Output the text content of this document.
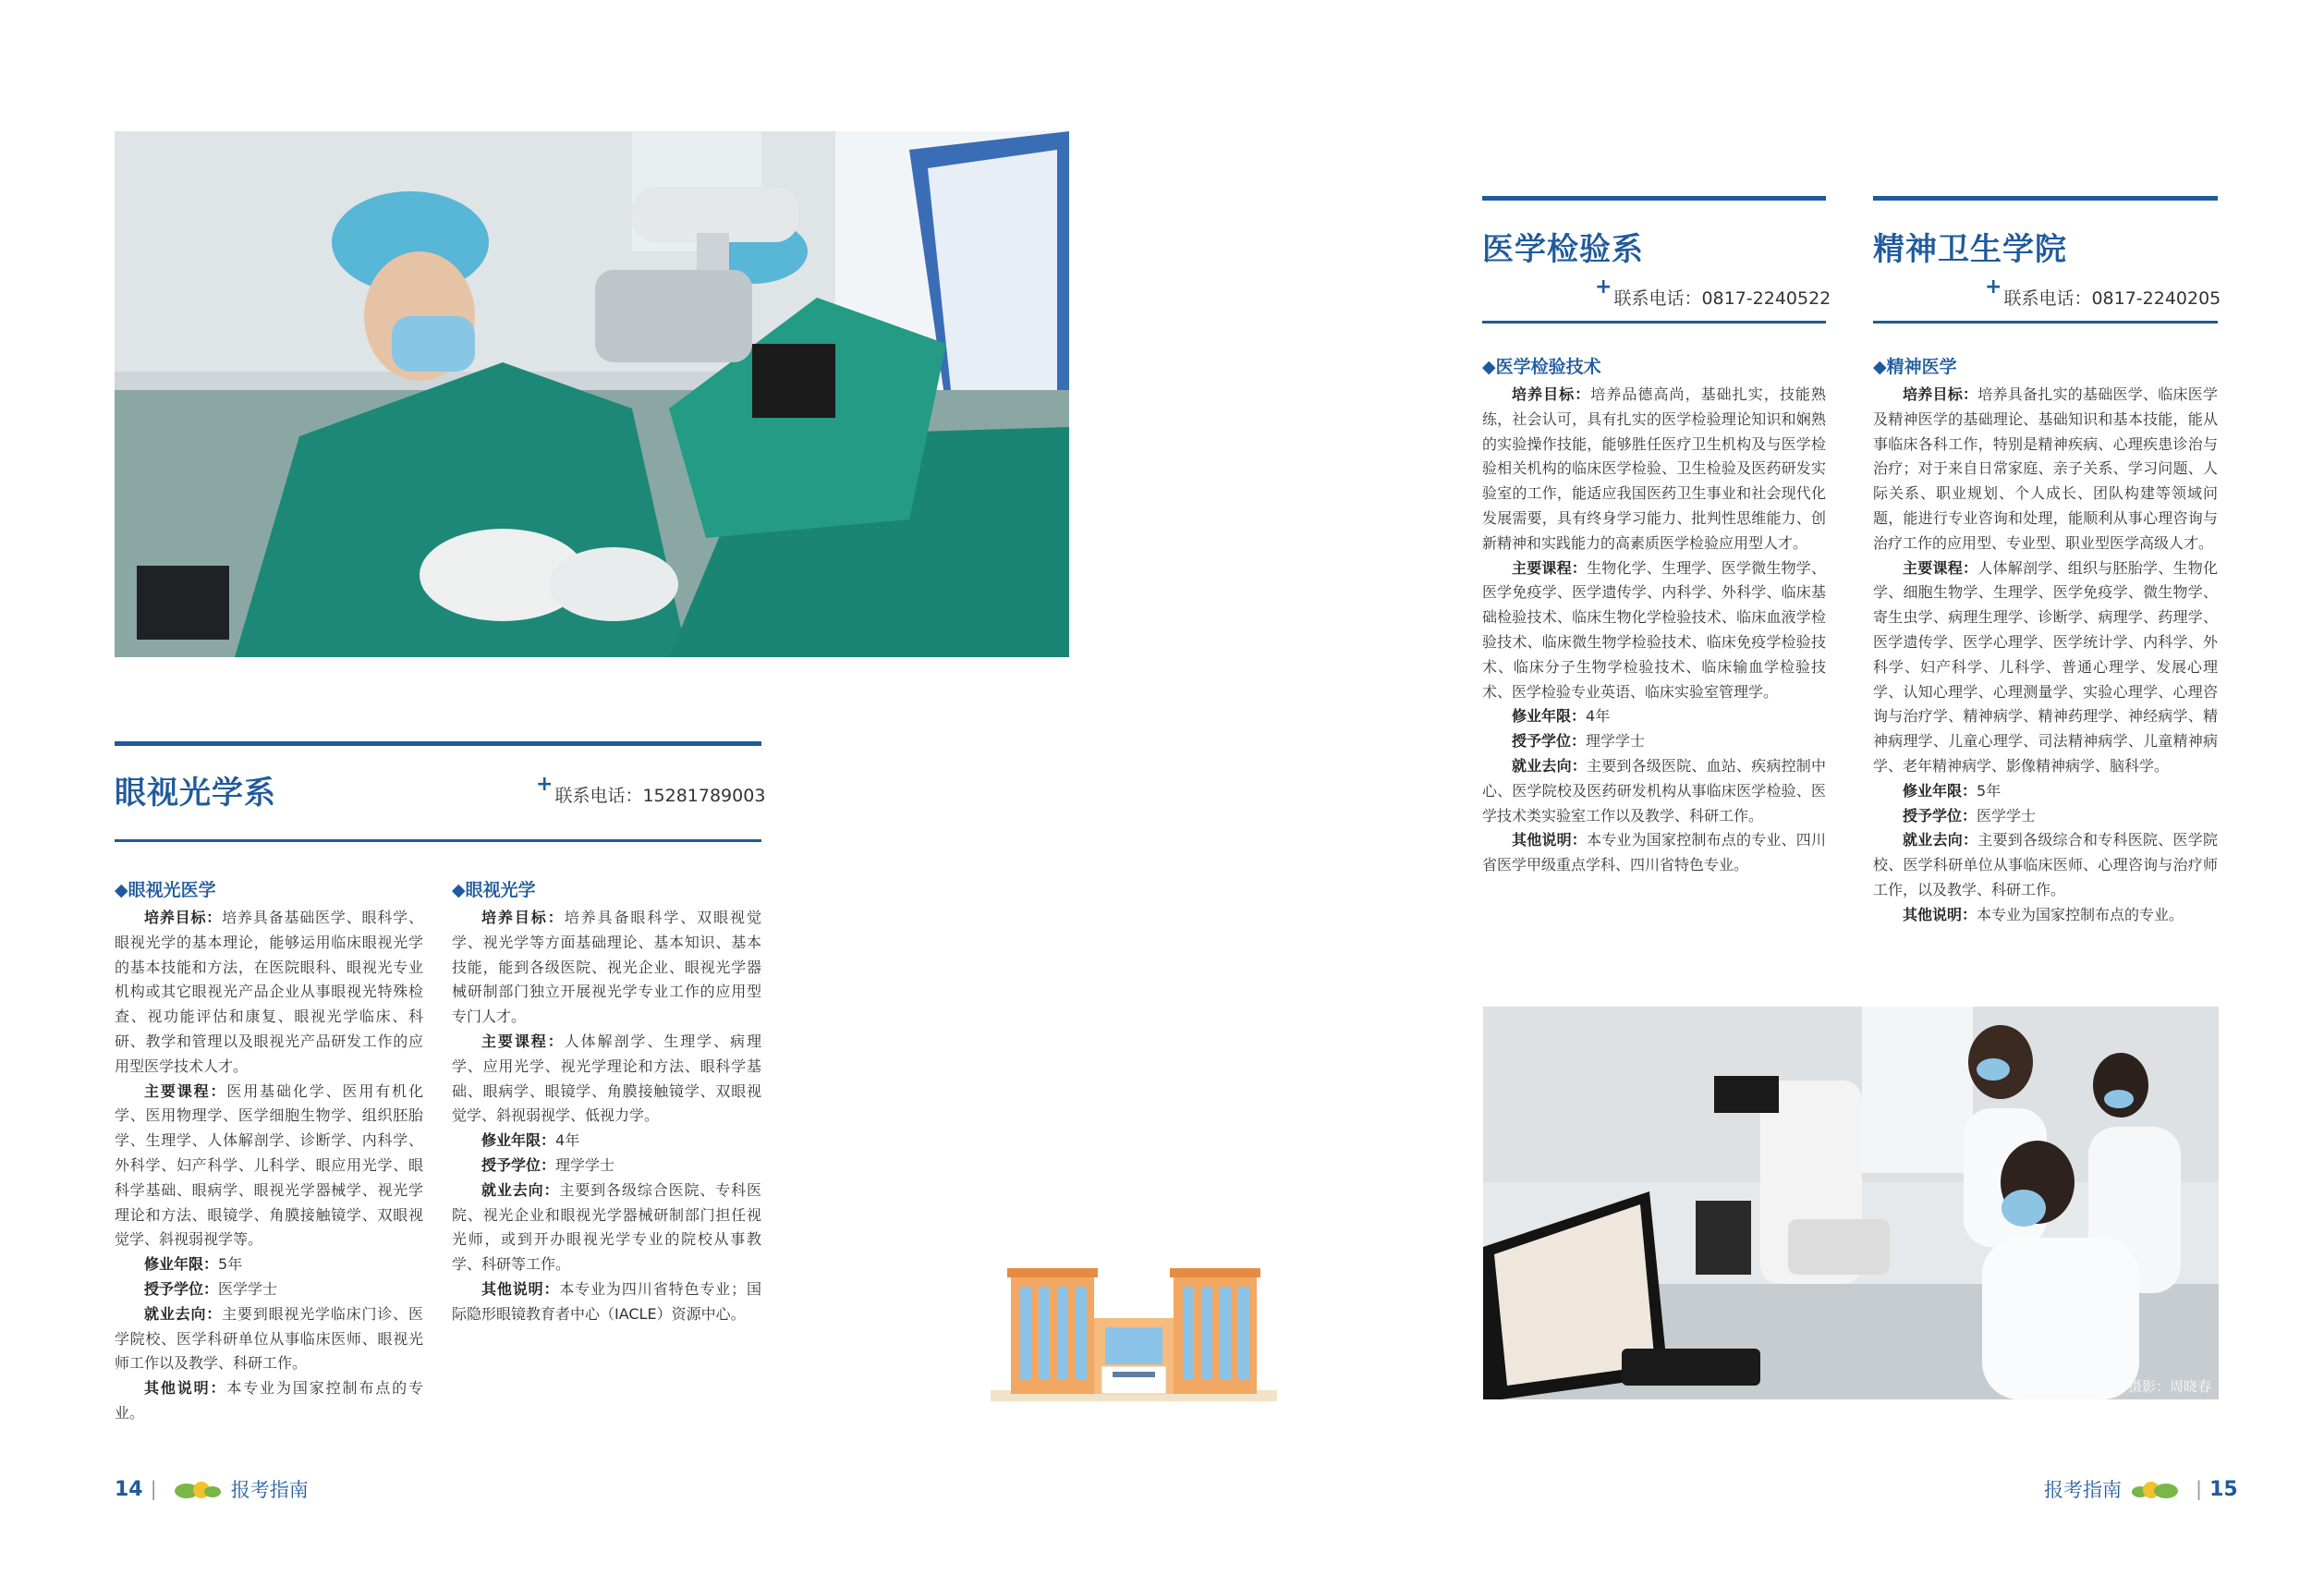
眼视光学系	+ 联系电话：15281789003
◆眼视光医学

培养目标：培养具备基础医学、眼科学、眼视光学的基本理论，能够运用临床眼视光学的基本技能和方法，在医院眼科、眼视光专业机构或其它眼视光产品企业从事眼视光特殊检查、视功能评估和康复、眼视光学临床、科研、教学和管理以及眼视光产品研发工作的应用型医学技术人才。

主要课程：医用基础化学、医用有机化学、医用物理学、医学细胞生物学、组织胚胎学、生理学、人体解剖学、诊断学、内科学、外科学、妇产科学、儿科学、眼应用光学、眼科学基础、眼病学、眼视光学器械学、视光学理论和方法、眼镜学、角膜接触镜学、双眼视觉学、斜视弱视学等。

修业年限：5年

授予学位：医学学士

就业去向：主要到眼视光学临床门诊、医学院校、医学科研单位从事临床医师、眼视光师工作以及教学、科研工作。

其他说明：本专业为国家控制布点的专业。

◆眼视光学

培养目标：培养具备眼科学、双眼视觉学、视光学等方面基础理论、基本知识、基本技能，能到各级医院、视光企业、眼视光学器械研制部门独立开展视光学专业工作的应用型专门人才。

主要课程：人体解剖学、生理学、病理学、应用光学、视光学理论和方法、眼科学基础、眼病学、眼镜学、角膜接触镜学、双眼视觉学、斜视弱视学、低视力学。

修业年限：4年

授予学位：理学学士

就业去向：主要到各级综合医院、专科医院、视光企业和眼视光学器械研制部门担任视光师，或到开办眼视光学专业的院校从事教学、科研等工作。

其他说明：本专业为四川省特色专业；国际隐形眼镜教育者中心（IACLE）资源中心。

14 |	报考指南
医学检验系
+ 联系电话：0817-2240522
精神卫生学院
+ 联系电话：0817-2240205
◆医学检验技术

培养目标：培养品德高尚，基础扎实，技能熟练，社会认可，具有扎实的医学检验理论知识和娴熟的实验操作技能，能够胜任医疗卫生机构及与医学检验相关机构的临床医学检验、卫生检验及医药研发实验室的工作，能适应我国医药卫生事业和社会现代化发展需要，具有终身学习能力、批判性思维能力、创新精神和实践能力的高素质医学检验应用型人才。

主要课程：生物化学、生理学、医学微生物学、医学免疫学、医学遗传学、内科学、外科学、临床基础检验技术、临床生物化学检验技术、临床血液学检验技术、临床微生物学检验技术、临床免疫学检验技术、临床分子生物学检验技术、临床输血学检验技术、医学检验专业英语、临床实验室管理学。

修业年限：4年

授予学位：理学学士

就业去向：主要到各级医院、血站、疾病控制中心、医学院校及医药研发机构从事临床医学检验、医学技术类实验室工作以及教学、科研工作。

其他说明：本专业为国家控制布点的专业、四川省医学甲级重点学科、四川省特色专业。

◆精神医学

培养目标：培养具备扎实的基础医学、临床医学及精神医学的基础理论、基础知识和基本技能，能从事临床各科工作，特别是精神疾病、心理疾患诊治与治疗；对于来自日常家庭、亲子关系、学习问题、人际关系、职业规划、个人成长、团队构建等领域问题，能进行专业咨询和处理，能顺利从事心理咨询与治疗工作的应用型、专业型、职业型医学高级人才。

主要课程：人体解剖学、组织与胚胎学、生物化学、细胞生物学、生理学、医学免疫学、微生物学、寄生虫学、病理生理学、诊断学、病理学、药理学、医学遗传学、医学心理学、医学统计学、内科学、外科学、妇产科学、儿科学、普通心理学、发展心理学、认知心理学、心理测量学、实验心理学、心理咨询与治疗学、精神病学、精神药理学、神经病学、精神病理学、儿童心理学、司法精神病学、儿童精神病学、老年精神病学、影像精神病学、脑科学。

修业年限：5年

授予学位：医学学士

就业去向：主要到各级综合和专科医院、医学院校、医学科研单位从事临床医师、心理咨询与治疗师工作，以及教学、科研工作。

其他说明：本专业为国家控制布点的专业。

摄影：周晓春
报考指南	| 15
